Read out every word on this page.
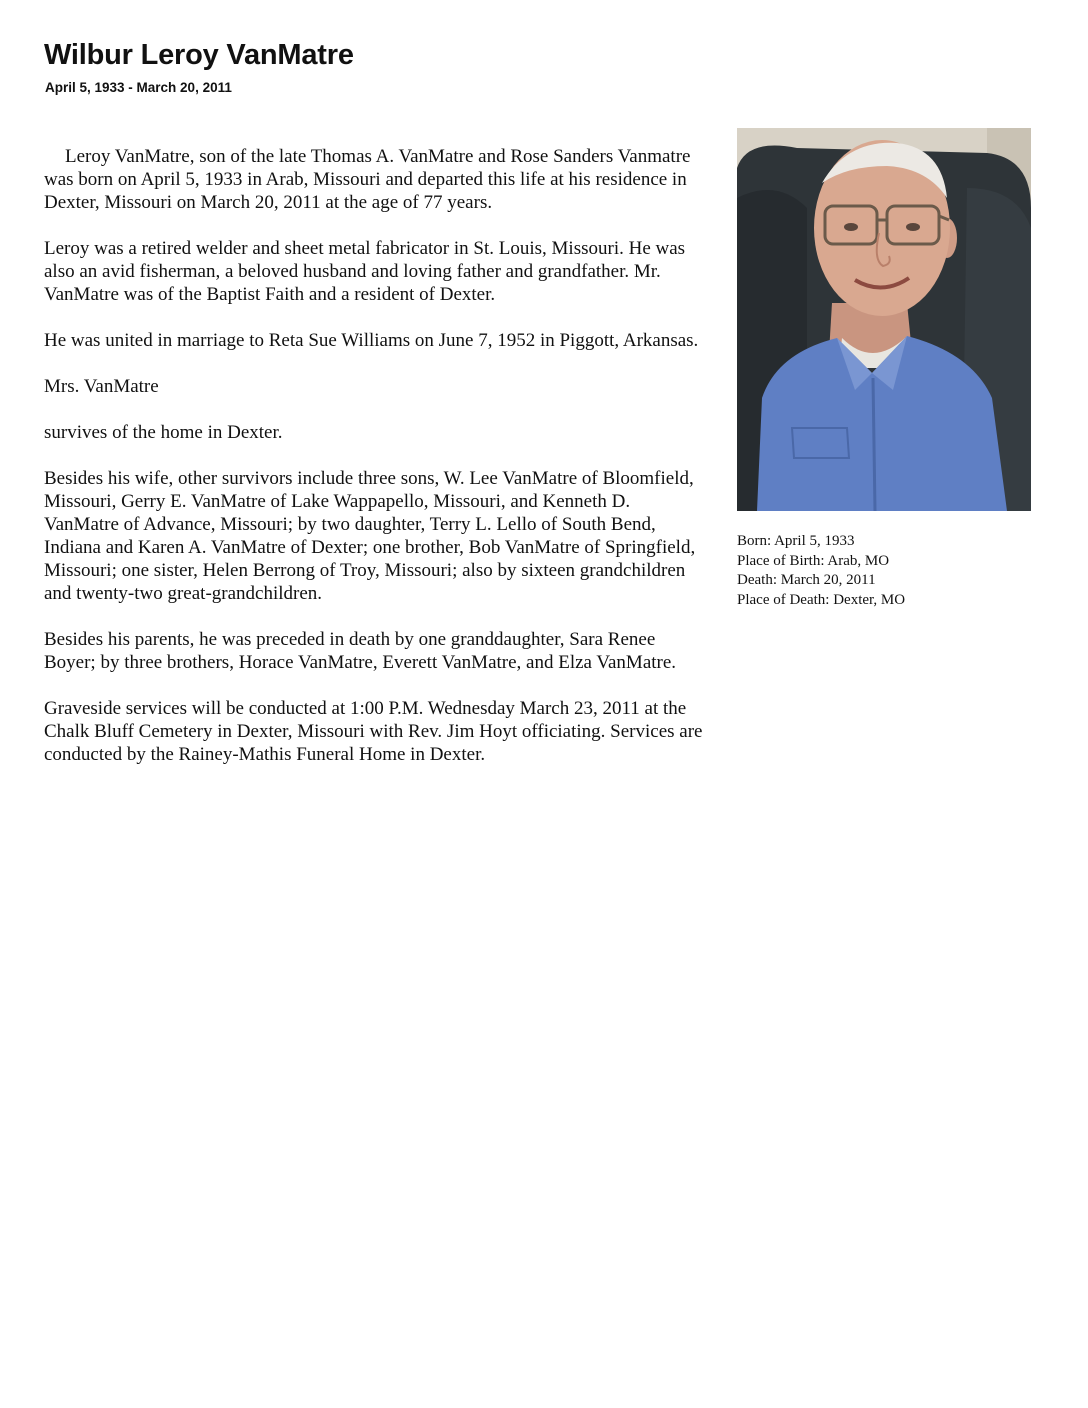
Wilbur Leroy VanMatre
April 5, 1933 - March 20, 2011

Leroy VanMatre, son of the late Thomas A. VanMatre and Rose Sanders Vanmatre was born on April 5, 1933 in Arab, Missouri and departed this life at his residence in Dexter, Missouri on March 20, 2011 at the age of 77 years.

Leroy was a retired welder and sheet metal fabricator in St. Louis, Missouri. He was also an avid fisherman, a beloved husband and loving father and grandfather. Mr. VanMatre was of the Baptist Faith and a resident of Dexter.

He was united in marriage to Reta Sue Williams on June 7, 1952 in Piggott, Arkansas.

Mrs. VanMatre

survives of the home in Dexter.

Besides his wife, other survivors include three sons, W. Lee VanMatre of Bloomfield, Missouri, Gerry E. VanMatre of Lake Wappapello, Missouri, and Kenneth D. VanMatre of Advance, Missouri; by two daughter, Terry L. Lello of South Bend, Indiana and Karen A. VanMatre of Dexter; one brother, Bob VanMatre of Springfield, Missouri; one sister, Helen Berrong of Troy, Missouri; also by sixteen grandchildren and twenty-two great-grandchildren.

Besides his parents, he was preceded in death by one granddaughter, Sara Renee Boyer; by three brothers, Horace VanMatre, Everett VanMatre, and Elza VanMatre.

Graveside services will be conducted at 1:00 P.M. Wednesday March 23, 2011 at the Chalk Bluff Cemetery in Dexter, Missouri with Rev. Jim Hoyt officiating. Services are conducted by the Rainey-Mathis Funeral Home in Dexter.

Born: April 5, 1933
Place of Birth: Arab, MO
Death: March 20, 2011
Place of Death: Dexter, MO
